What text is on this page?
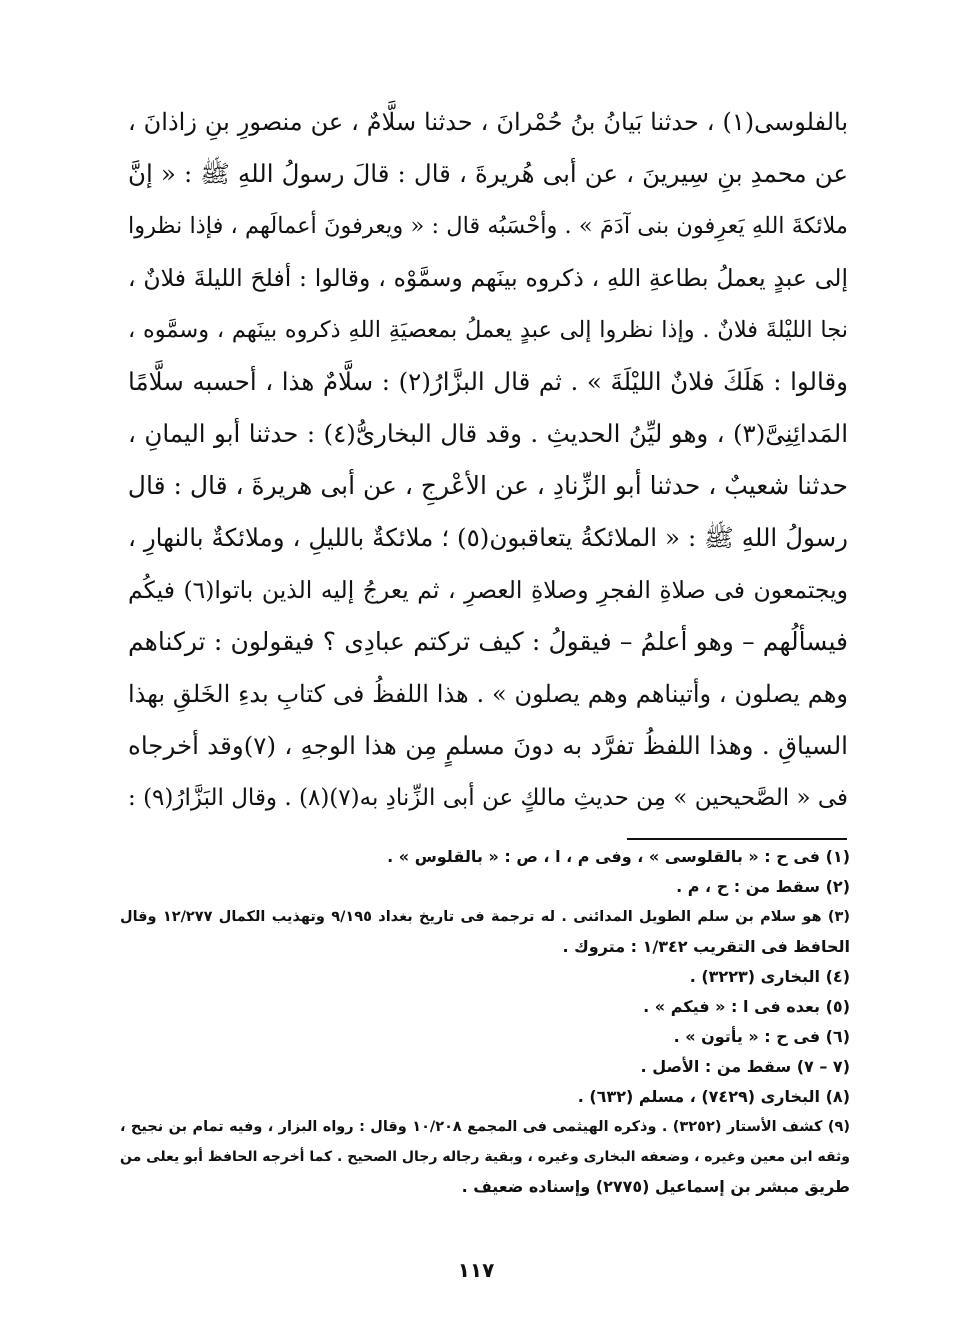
بالفلوسى(١) ، حدثنا بَيانُ بنُ حُمْرانَ ، حدثنا سلَّامٌ ، عن منصورِ بنِ زاذانَ ،
عن محمدِ بنِ سِيرينَ ، عن أبى هُريرةَ ، قال : قالَ رسولُ اللهِ ﷺ : « إنَّ
ملائكةَ اللهِ يَعرِفون بنى آدَمَ » . وأحْسَبُه قال : « ويعرفونَ أعمالَهم ، فإذا نظروا
إلى عبدٍ يعملُ بطاعةِ اللهِ ، ذكروه بينَهم وسمَّوْه ، وقالوا : أفلحَ الليلةَ فلانٌ ،
نجا الليْلةَ فلانٌ . وإذا نظروا إلى عبدٍ يعملُ بمعصيَةِ اللهِ ذكروه بينَهم ، وسمَّوه ،
وقالوا : هَلَكَ فلانٌ الليْلَةَ » . ثم قال البزَّارُ(٢) : سلَّامٌ هذا ، أحسبه سلَّامًا
المَدائِنِىَّ(٣) ، وهو ليِّنُ الحديثِ . وقد قال البخارىُّ(٤) : حدثنا أبو اليمانِ ،
حدثنا شعيبٌ ، حدثنا أبو الزِّنادِ ، عن الأعْرجِ ، عن أبى هريرةَ ، قال : قال
رسولُ اللهِ ﷺ : « الملائكةُ يتعاقبون(٥) ؛ ملائكةٌ بالليلِ ، وملائكةٌ بالنهارِ ،
ويجتمعون فى صلاةِ الفجرِ وصلاةِ العصرِ ، ثم يعرجُ إليه الذين باتوا(٦) فيكُم
فيسألُهم – وهو أعلمُ – فيقولُ : كيف تركتم عبادِى ؟ فيقولون : تركناهم
وهم يصلون ، وأتيناهم وهم يصلون » . هذا اللفظُ فى كتابِ بدءِ الخَلقِ بهذا
السياقِ . وهذا اللفظُ تفرَّد به دونَ مسلمٍ مِن هذا الوجهِ ، (٧)وقد أخرجاه
فى « الصَّحيحين » مِن حديثِ مالكٍ عن أبى الزِّنادِ به(٧)(٨) . وقال البَزَّارُ(٩) :
(١) فى ح : « بالقلوسى » ، وفى م ، ا ، ص : « بالقلوس » .
(٢) سقط من : ح ، م .
(٣) هو سلام بن سلم الطويل المدائنى . له ترجمة فى تاريخ بغداد ٩/١٩٥ وتهذيب الكمال ١٢/٢٧٧ وقال
الحافظ فى التقريب ١/٣٤٢ : متروك .
(٤) البخارى (٣٢٢٣) .
(٥) بعده فى ا : « فيكم » .
(٦) فى ح : « يأتون » .
(٧ – ٧) سقط من : الأصل .
(٨) البخارى (٧٤٢٩) ، مسلم (٦٣٢) .
(٩) كشف الأستار (٣٢٥٢) . وذكره الهيثمى فى المجمع ١٠/٢٠٨ وقال : رواه البزار ، وفيه تمام بن نجيح ،
وثقه ابن معين وغيره ، وضعفه البخارى وغيره ، وبقية رجاله رجال الصحيح . كما أخرجه الحافظ أبو يعلى من
طريق مبشر بن إسماعيل (٢٧٧٥) وإسناده ضعيف .
١١٧
